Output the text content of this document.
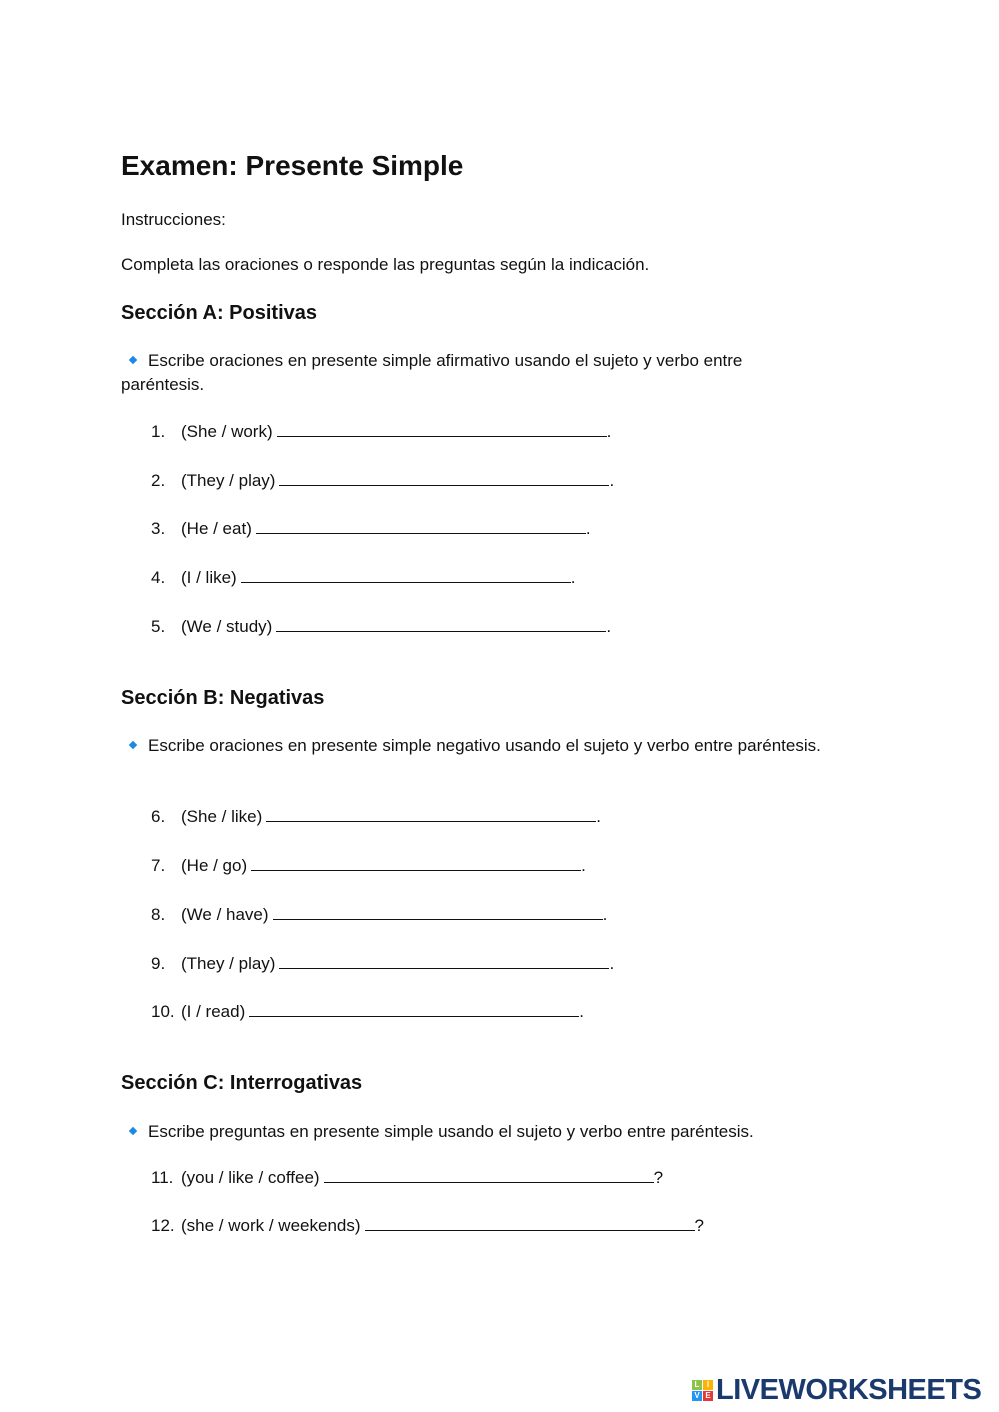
Examen: Presente Simple
Instrucciones:
Completa las oraciones o responde las preguntas según la indicación.
Sección A: Positivas
Escribe oraciones en presente simple afirmativo usando el sujeto y verbo entre paréntesis.
Sección B: Negativas
Escribe oraciones en presente simple negativo usando el sujeto y verbo entre paréntesis.
Sección C: Interrogativas
Escribe preguntas en presente simple usando el sujeto y verbo entre paréntesis.
1. (She / work)	.
2. (They / play)	.
3. (He / eat)	.
4. (I / like)	.
5. (We / study)	.
6. (She / like)	.
7. (He / go)	.
8. (We / have)	.
9. (They / play)	.
10. (I / read)	.
11. (you / like / coffee)	?
12. (she / work / weekends)	?
L I
V E LIVEWORKSHEETS
